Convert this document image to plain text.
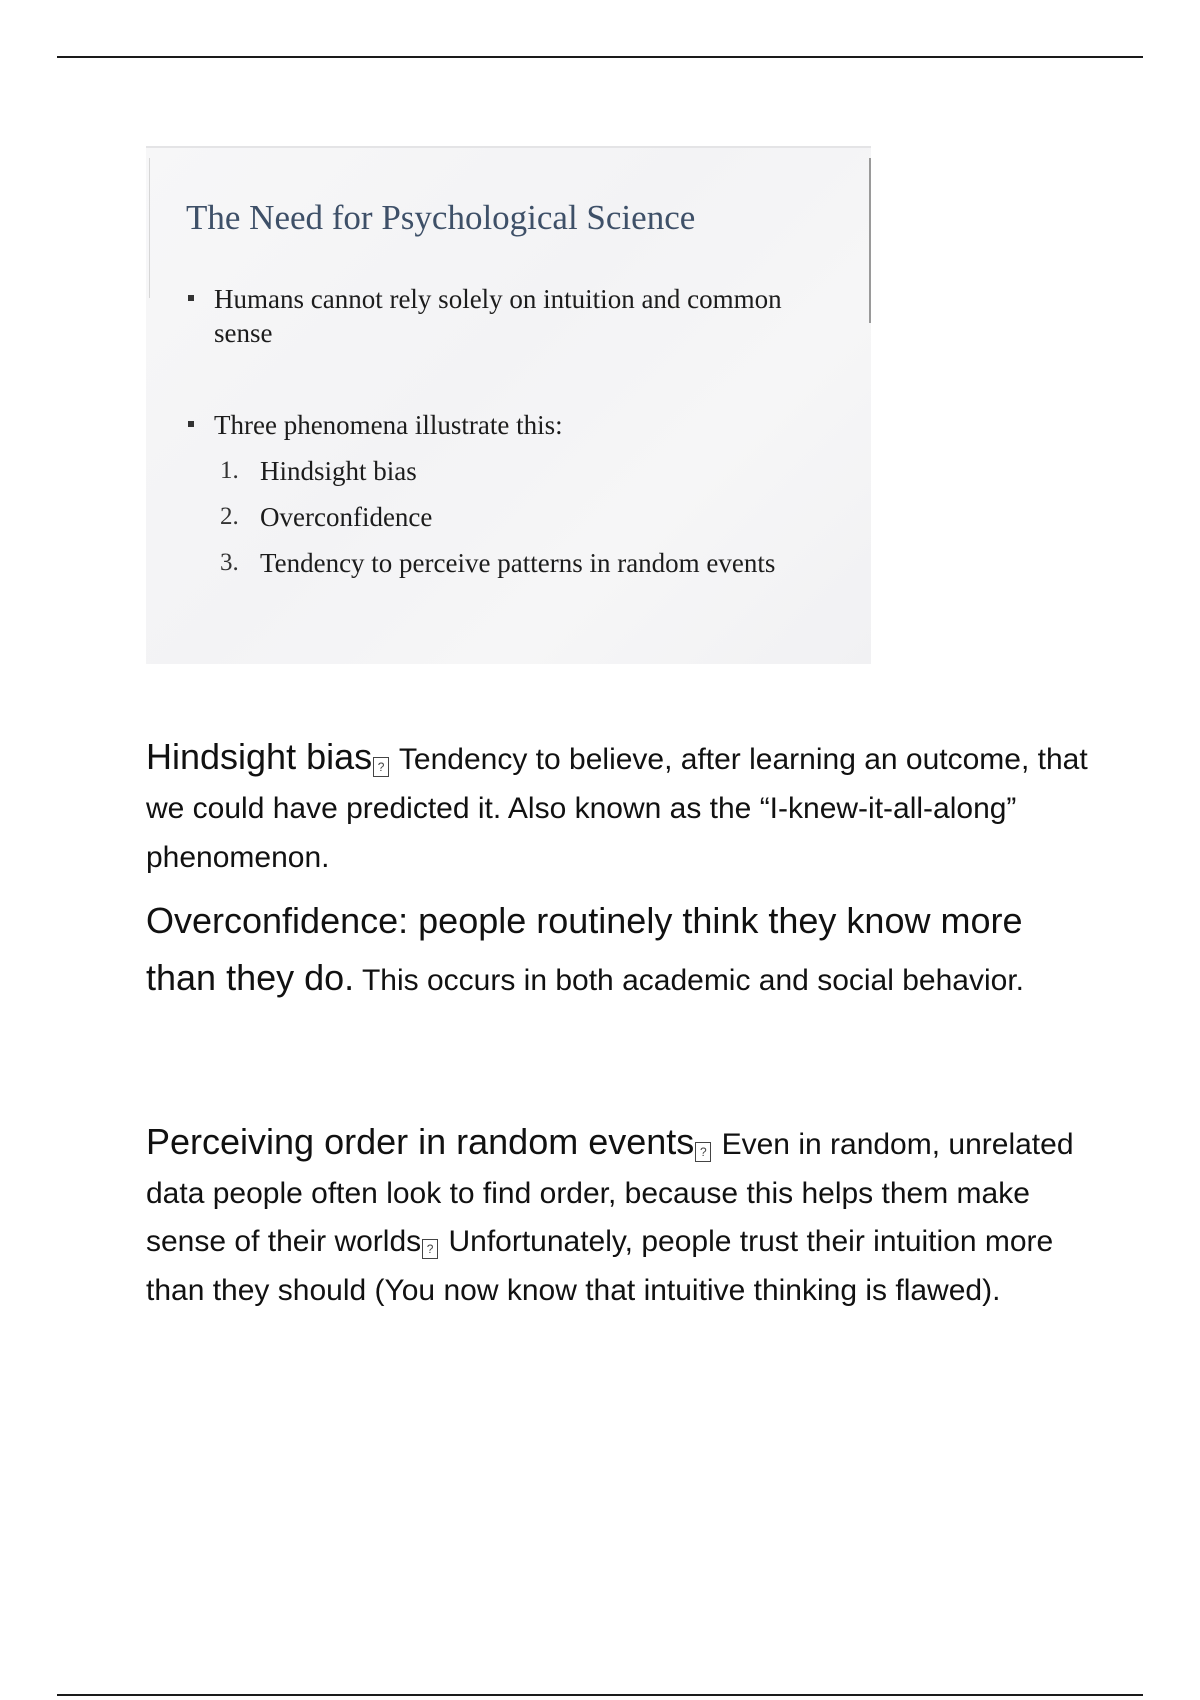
The Need for Psychological Science
Humans cannot rely solely on intuition and common sense
Three phenomena illustrate this:
1. Hindsight bias
2. Overconfidence
3. Tendency to perceive patterns in random events
Hindsight bias ? Tendency to believe, after learning an outcome, that we could have predicted it. Also known as the “I-knew-it-all-along” phenomenon.
Overconfidence: people routinely think they know more than they do. This occurs in both academic and social behavior.
Perceiving order in random events ? Even in random, unrelated data people often look to find order, because this helps them make sense of their worlds ? Unfortunately, people trust their intuition more than they should (You now know that intuitive thinking is flawed).
